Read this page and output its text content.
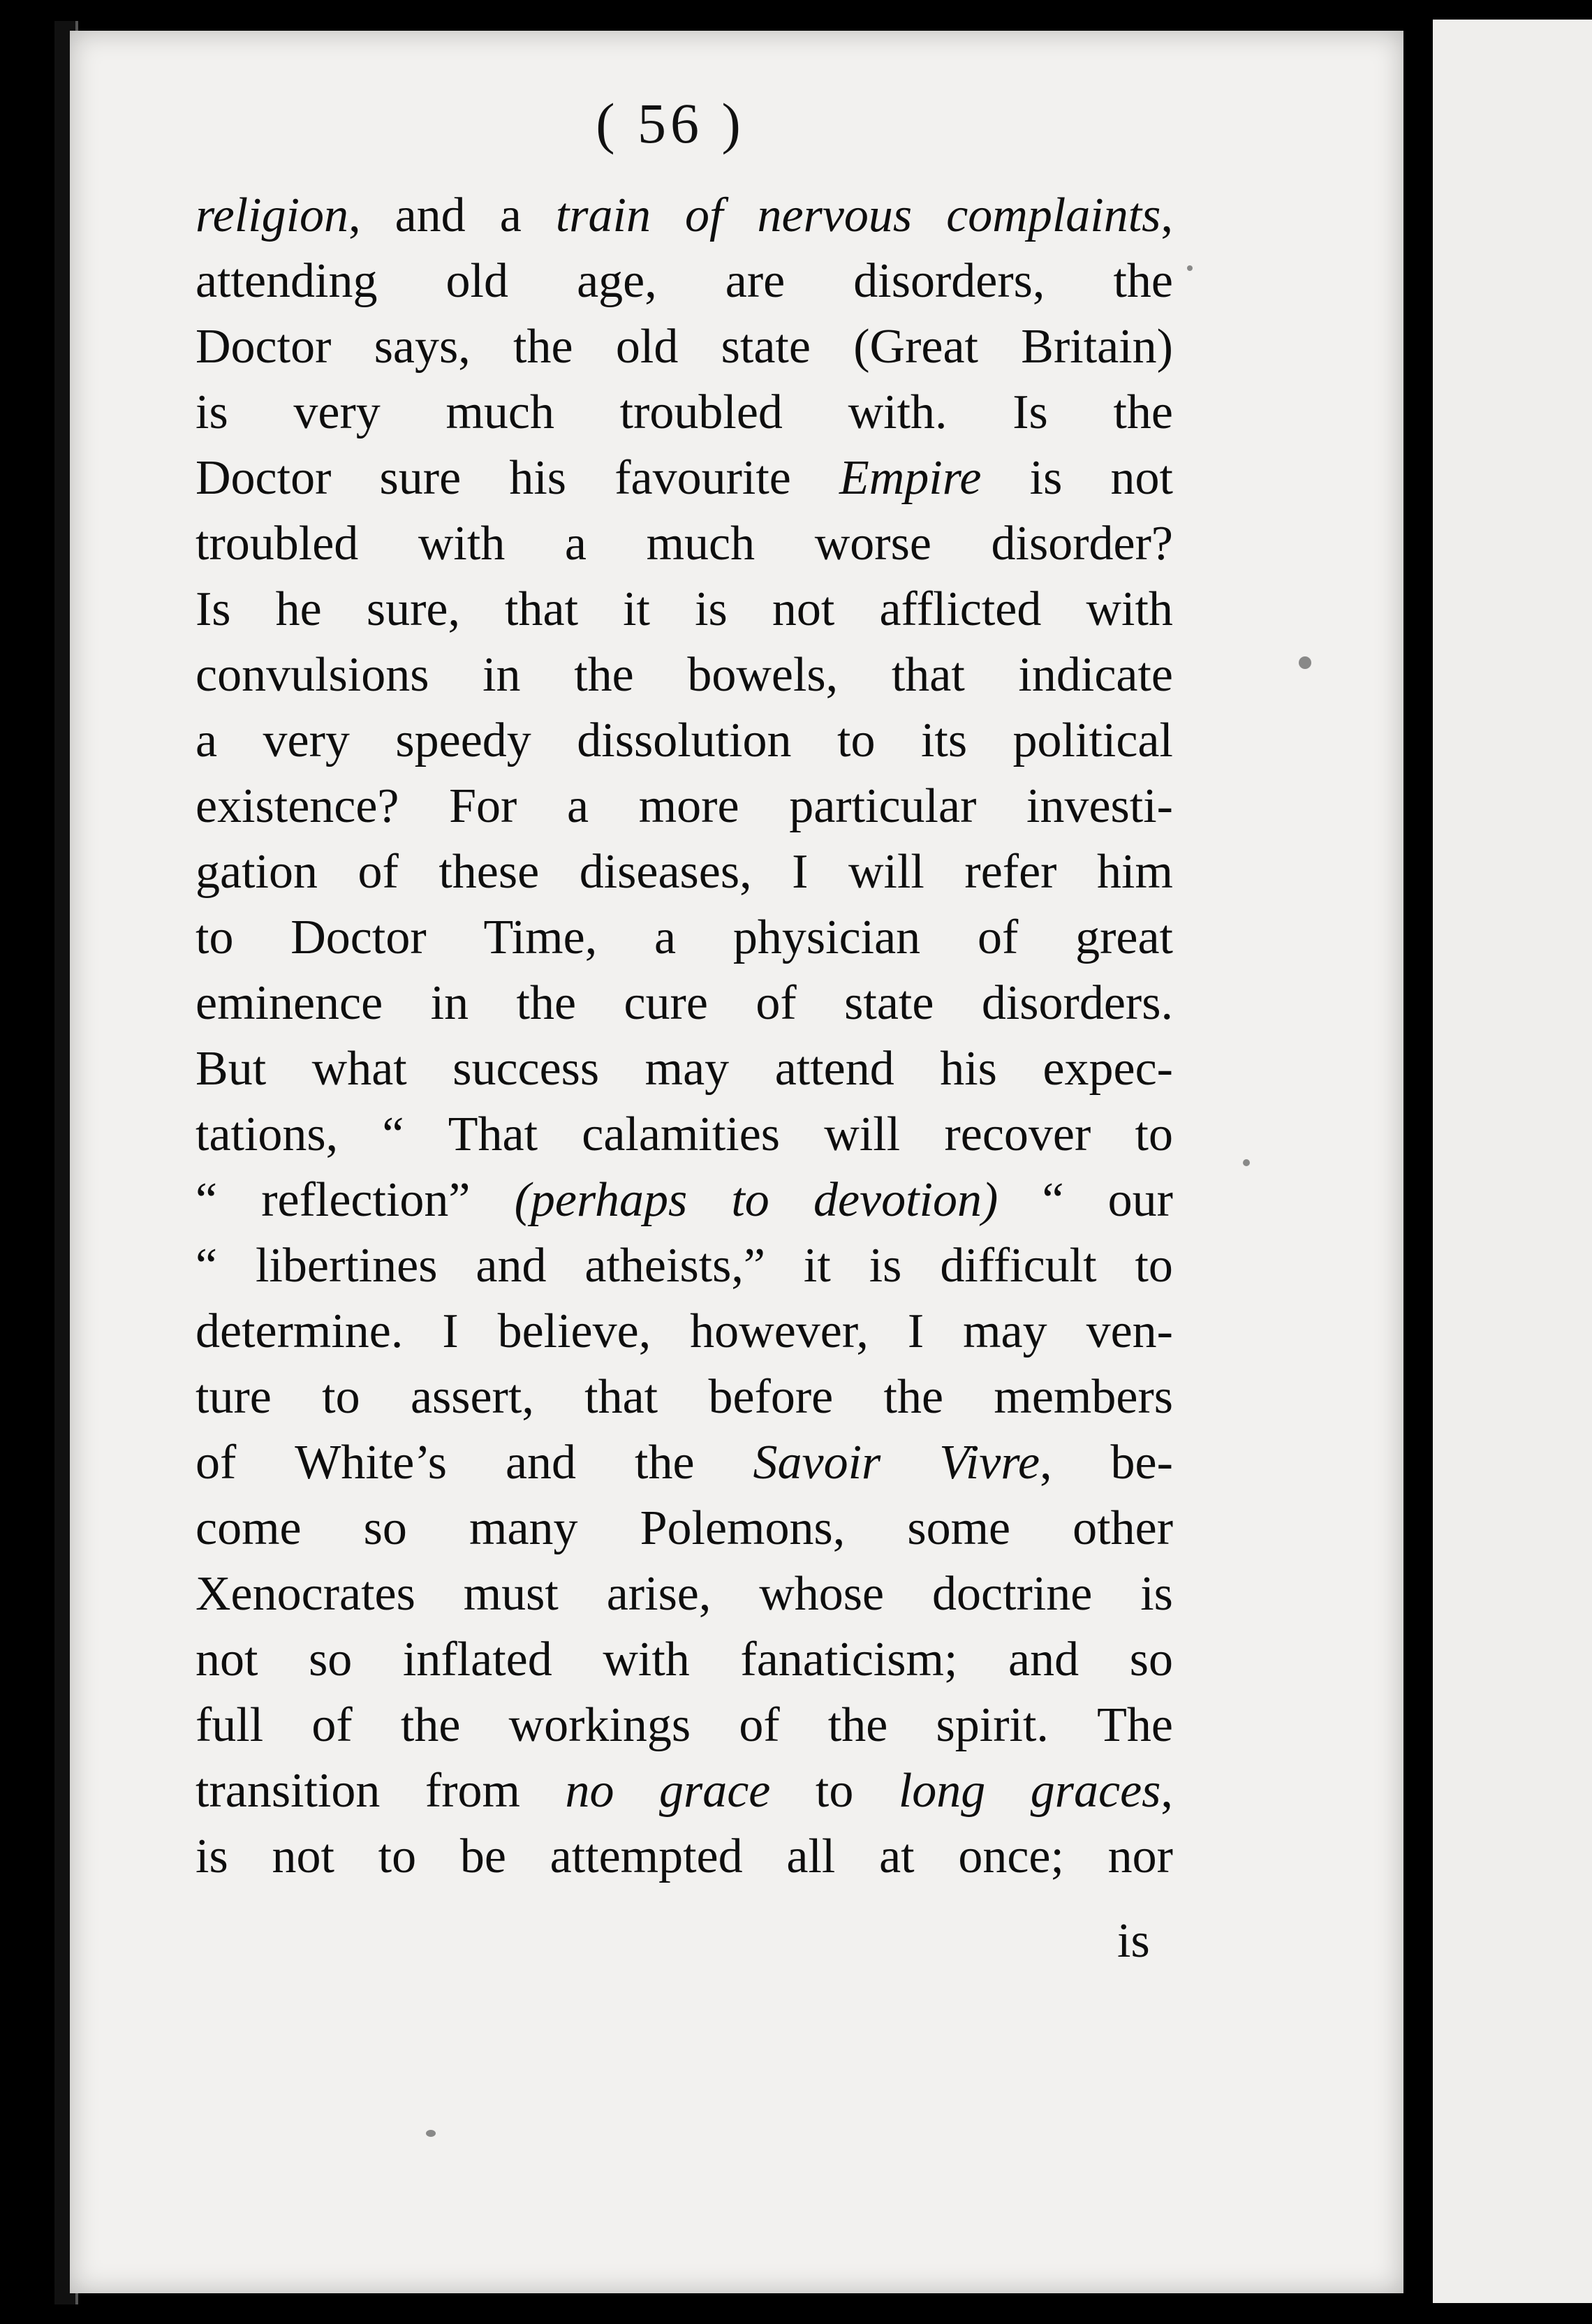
( 56 )
religion , and a train of nervous complaints ,
attending old age, are disorders, the
Doctor says, the old state (Great Britain)
is very much troubled with. Is the
Doctor sure his favourite Empire is not
troubled with a much worse disorder?
Is he sure, that it is not afflicted with
convulsions in the bowels, that indicate
a very speedy dissolution to its political
existence? For a more particular investi-
gation of these diseases, I will refer him
to Doctor Time, a physician of great
eminence in the cure of state disorders.
But what success may attend his expec-
tations, “ That calamities will recover to
“ reflection” (perhaps to devotion) “ our
“ libertines and atheists,” it is difficult to
determine. I believe, however, I may ven-
ture to assert, that before the members
of White’s and the Savoir Vivre , be-
come so many Polemons, some other
Xenocrates must arise, whose doctrine is
not so inflated with fanaticism; and so
full of the workings of the spirit. The
transition from no grace to long graces ,
is not to be attempted all at once; nor
is
